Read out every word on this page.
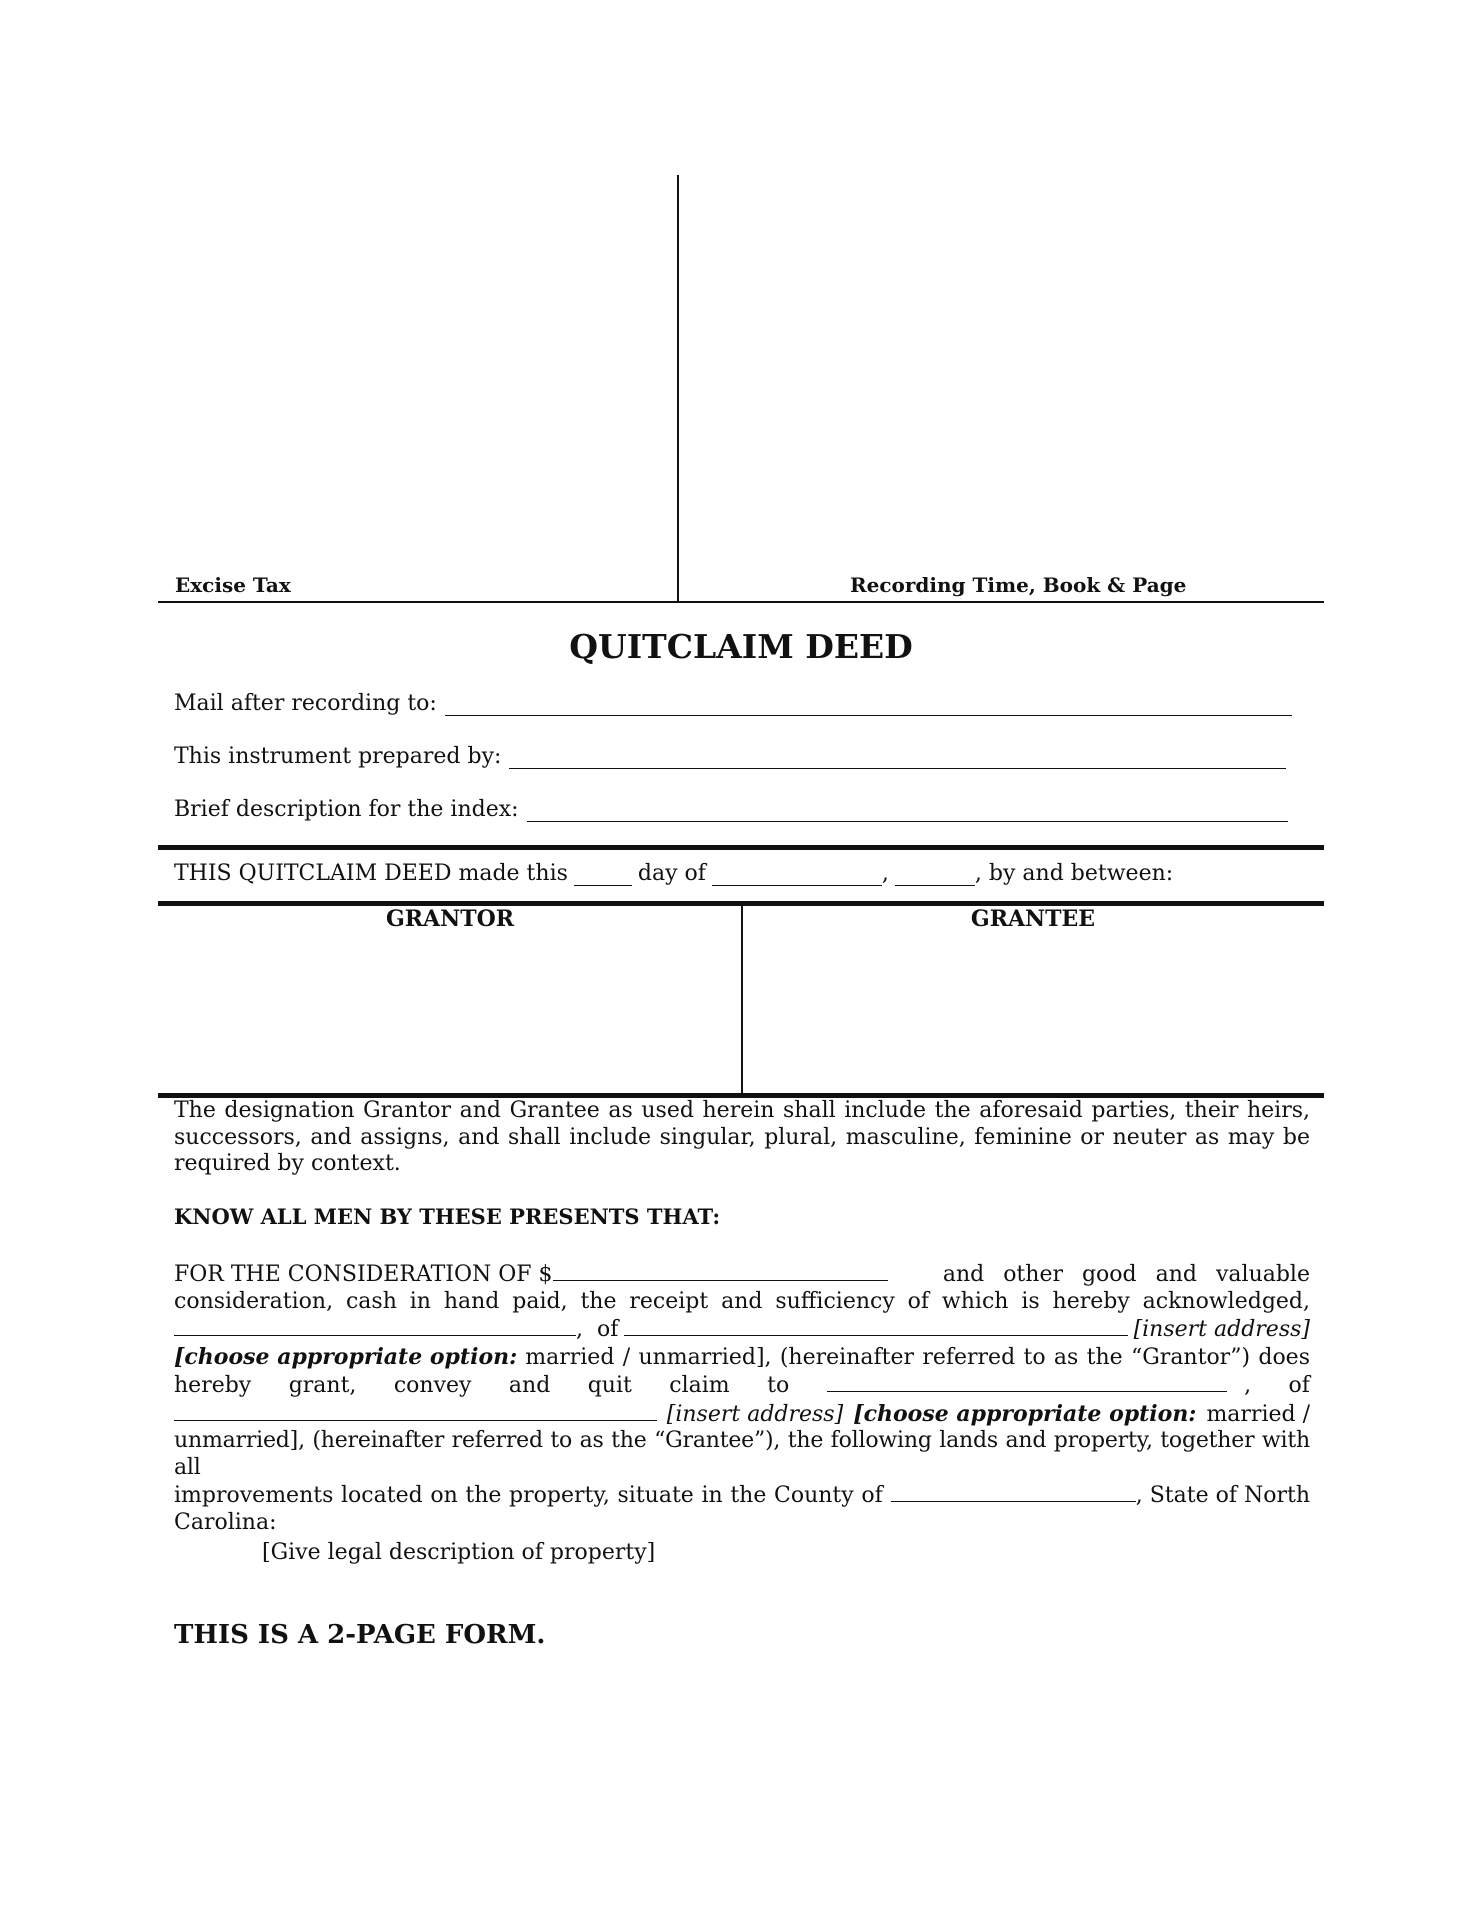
Excise Tax	Recording Time, Book & Page
QUITCLAIM DEED
Mail after recording to:
This instrument prepared by:
Brief description for the index:
THIS QUITCLAIM DEED made this	day of	,	, by and between:
GRANTOR	GRANTEE
The designation Grantor and Grantee as used herein shall include the aforesaid parties, their heirs, successors, and assigns, and shall include singular, plural, masculine, feminine or neuter as may be required by context.
KNOW ALL MEN BY THESE PRESENTS THAT:
FOR THE CONSIDERATION OF $	and other good and valuable
consideration, cash in hand paid, the receipt and sufficiency of which is hereby acknowledged,
, of	[insert address]
[choose appropriate option: married / unmarried], (hereinafter referred to as the “Grantor”) does
hereby grant, convey and quit claim to	, of
[insert address] [choose appropriate option: married /
unmarried], (hereinafter referred to as the “Grantee”), the following lands and property, together with all
improvements located on the property, situate in the County of	, State of North
Carolina:
[Give legal description of property]
THIS IS A 2-PAGE FORM.
